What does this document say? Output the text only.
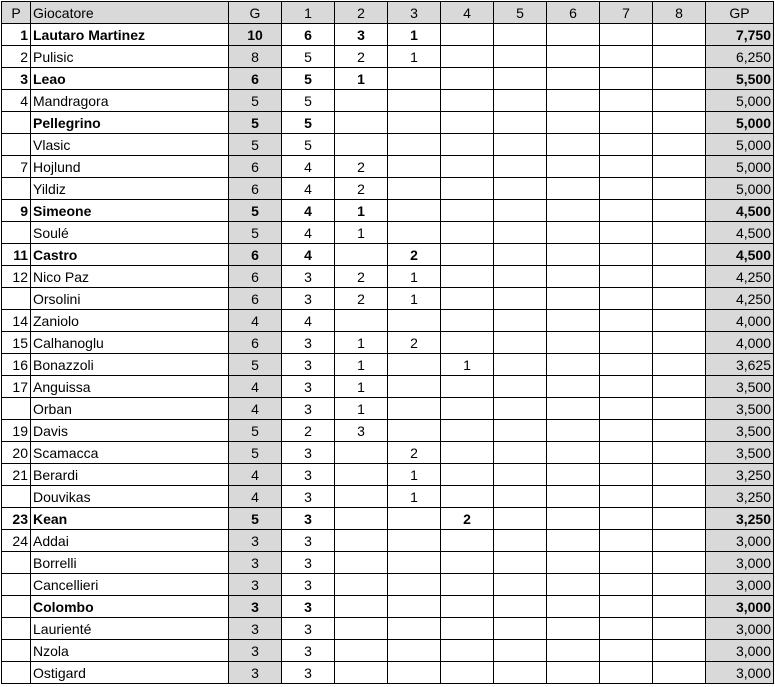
P	Giocatore	G	1	2	3	4	5	6	7	8	GP
1	Lautaro Martinez	10	6	3	1						7,750
2	Pulisic	8	5	2	1						6,250
3	Leao	6	5	1							5,500
4	Mandragora	5	5								5,000
	Pellegrino	5	5								5,000
	Vlasic	5	5								5,000
7	Hojlund	6	4	2							5,000
	Yildiz	6	4	2							5,000
9	Simeone	5	4	1							4,500
	Soulé	5	4	1							4,500
11	Castro	6	4		2						4,500
12	Nico Paz	6	3	2	1						4,250
	Orsolini	6	3	2	1						4,250
14	Zaniolo	4	4								4,000
15	Calhanoglu	6	3	1	2						4,000
16	Bonazzoli	5	3	1		1					3,625
17	Anguissa	4	3	1							3,500
	Orban	4	3	1							3,500
19	Davis	5	2	3							3,500
20	Scamacca	5	3		2						3,500
21	Berardi	4	3		1						3,250
	Douvikas	4	3		1						3,250
23	Kean	5	3			2					3,250
24	Addai	3	3								3,000
	Borrelli	3	3								3,000
	Cancellieri	3	3								3,000
	Colombo	3	3								3,000
	Laurienté	3	3								3,000
	Nzola	3	3								3,000
	Ostigard	3	3								3,000
